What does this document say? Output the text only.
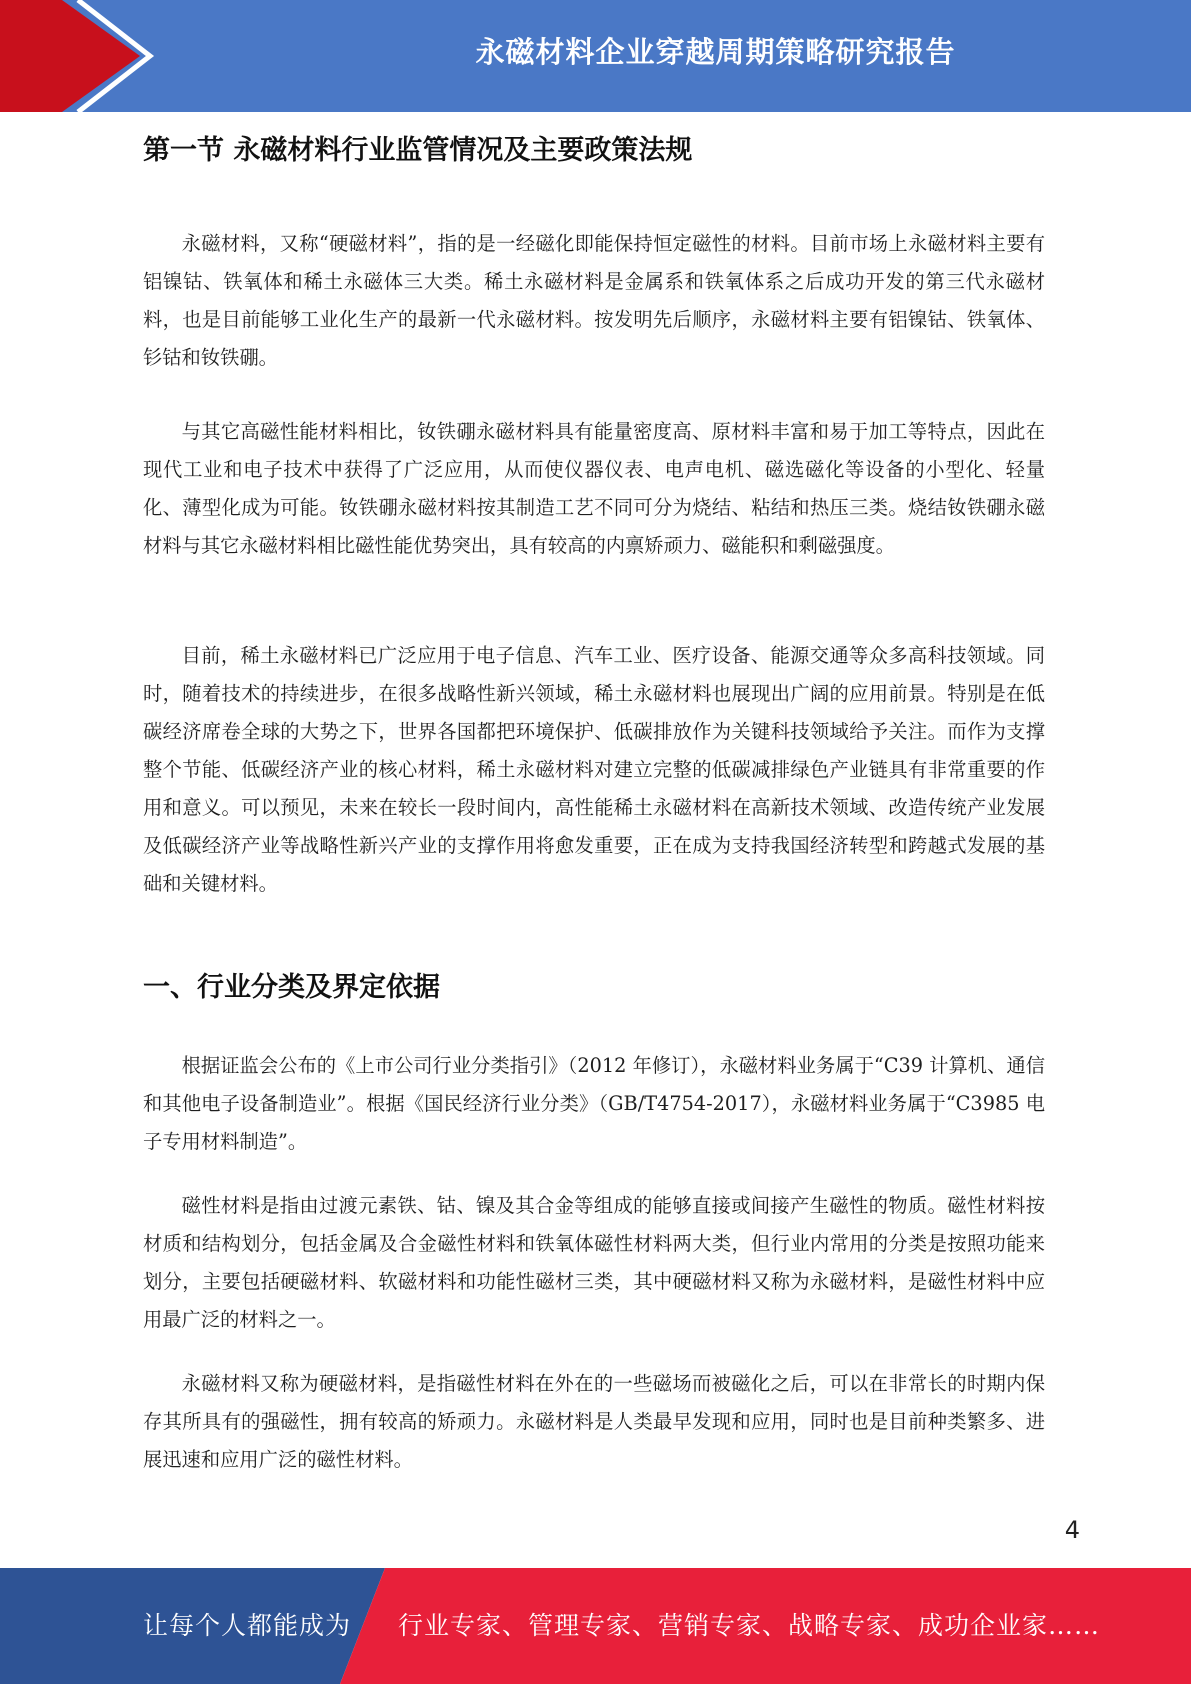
永磁材料企业穿越周期策略研究报告
第一节 永磁材料行业监管情况及主要政策法规

永磁材料，又称“硬磁材料”，指的是一经磁化即能保持恒定磁性的材料。目前市场上永磁材料主要有铝镍钴、铁氧体和稀土永磁体三大类。稀土永磁材料是金属系和铁氧体系之后成功开发的第三代永磁材料，也是目前能够工业化生产的最新一代永磁材料。按发明先后顺序，永磁材料主要有铝镍钴、铁氧体、钐钴和钕铁硼。

与其它高磁性能材料相比，钕铁硼永磁材料具有能量密度高、原材料丰富和易于加工等特点，因此在现代工业和电子技术中获得了广泛应用，从而使仪器仪表、电声电机、磁选磁化等设备的小型化、轻量化、薄型化成为可能。钕铁硼永磁材料按其制造工艺不同可分为烧结、粘结和热压三类。烧结钕铁硼永磁材料与其它永磁材料相比磁性能优势突出，具有较高的内禀矫顽力、磁能积和剩磁强度。

目前，稀土永磁材料已广泛应用于电子信息、汽车工业、医疗设备、能源交通等众多高科技领域。同时，随着技术的持续进步，在很多战略性新兴领域，稀土永磁材料也展现出广阔的应用前景。特别是在低碳经济席卷全球的大势之下，世界各国都把环境保护、低碳排放作为关键科技领域给予关注。而作为支撑整个节能、低碳经济产业的核心材料，稀土永磁材料对建立完整的低碳减排绿色产业链具有非常重要的作用和意义。可以预见，未来在较长一段时间内，高性能稀土永磁材料在高新技术领域、改造传统产业发展及低碳经济产业等战略性新兴产业的支撑作用将愈发重要，正在成为支持我国经济转型和跨越式发展的基础和关键材料。

一、行业分类及界定依据

根据证监会公布的《上市公司行业分类指引》（2012 年修订），永磁材料业务属于“C39 计算机、通信和其他电子设备制造业”。根据《国民经济行业分类》（GB/T4754-2017），永磁材料业务属于“C3985 电子专用材料制造”。

磁性材料是指由过渡元素铁、钴、镍及其合金等组成的能够直接或间接产生磁性的物质。磁性材料按材质和结构划分，包括金属及合金磁性材料和铁氧体磁性材料两大类，但行业内常用的分类是按照功能来划分，主要包括硬磁材料、软磁材料和功能性磁材三类，其中硬磁材料又称为永磁材料，是磁性材料中应用最广泛的材料之一。

永磁材料又称为硬磁材料，是指磁性材料在外在的一些磁场而被磁化之后，可以在非常长的时期内保存其所具有的强磁性，拥有较高的矫顽力。永磁材料是人类最早发现和应用，同时也是目前种类繁多、进展迅速和应用广泛的磁性材料。

4
让每个人都能成为 行业专家、管理专家、营销专家、战略专家、成功企业家……
